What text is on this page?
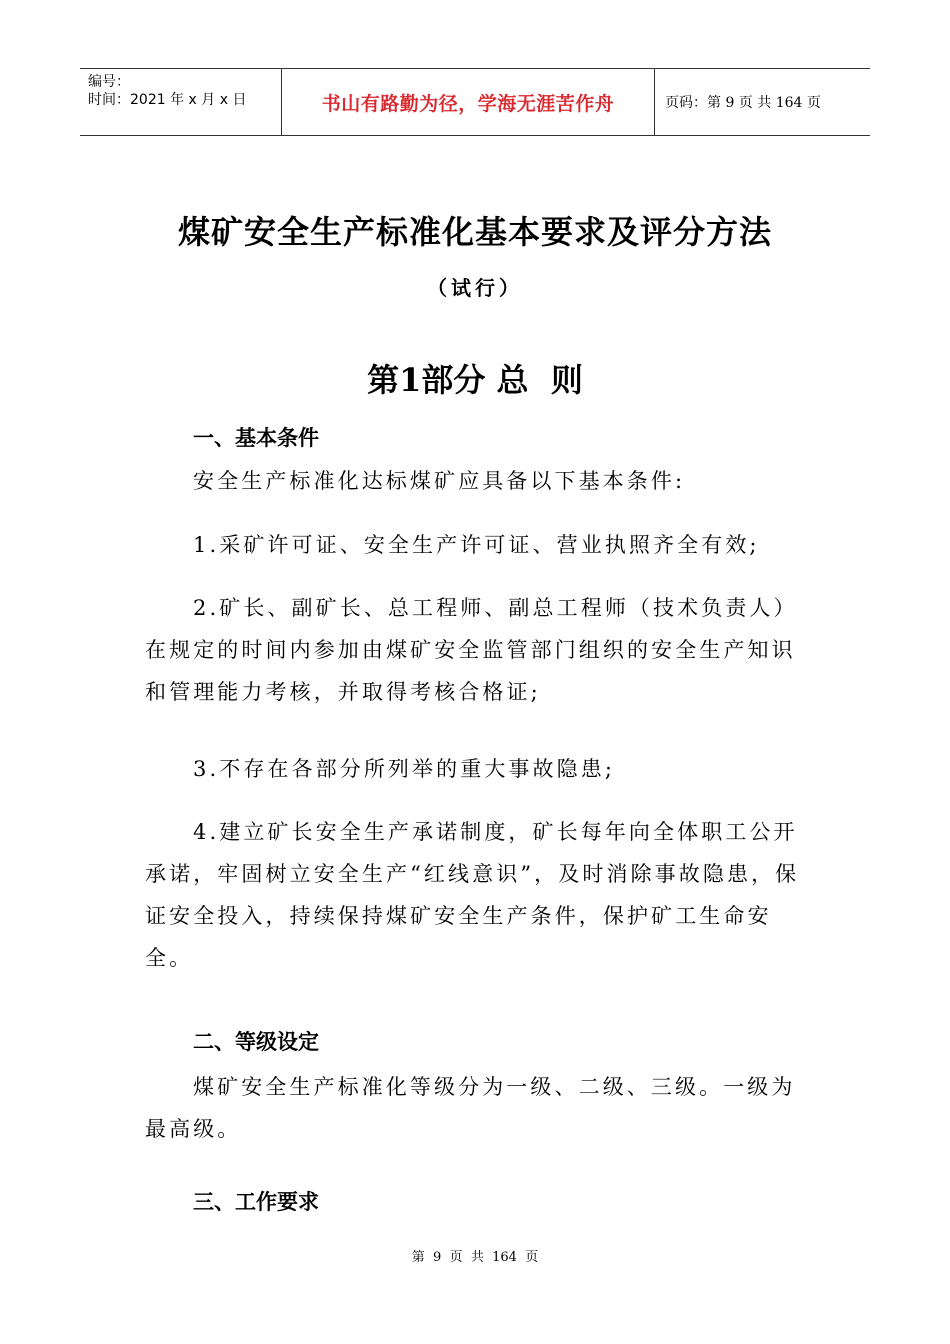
编号：
时间：2021 年 x 月 x 日	书山有路勤为径，学海无涯苦作舟	页码：第 9 页 共 164 页
煤矿安全生产标准化基本要求及评分方法
（试行）
第1部分 总  则
一、基本条件
安全生产标准化达标煤矿应具备以下基本条件:
1.采矿许可证、安全生产许可证、营业执照齐全有效;
2.矿长、副矿长、总工程师、副总工程师（技术负责人）在规定的时间内参加由煤矿安全监管部门组织的安全生产知识和管理能力考核，并取得考核合格证;
3.不存在各部分所列举的重大事故隐患;
4.建立矿长安全生产承诺制度，矿长每年向全体职工公开承诺，牢固树立安全生产“红线意识”，及时消除事故隐患，保证安全投入，持续保持煤矿安全生产条件，保护矿工生命安全。
二、等级设定
煤矿安全生产标准化等级分为一级、二级、三级。一级为最高级。
三、工作要求
第  9  页  共  164  页
